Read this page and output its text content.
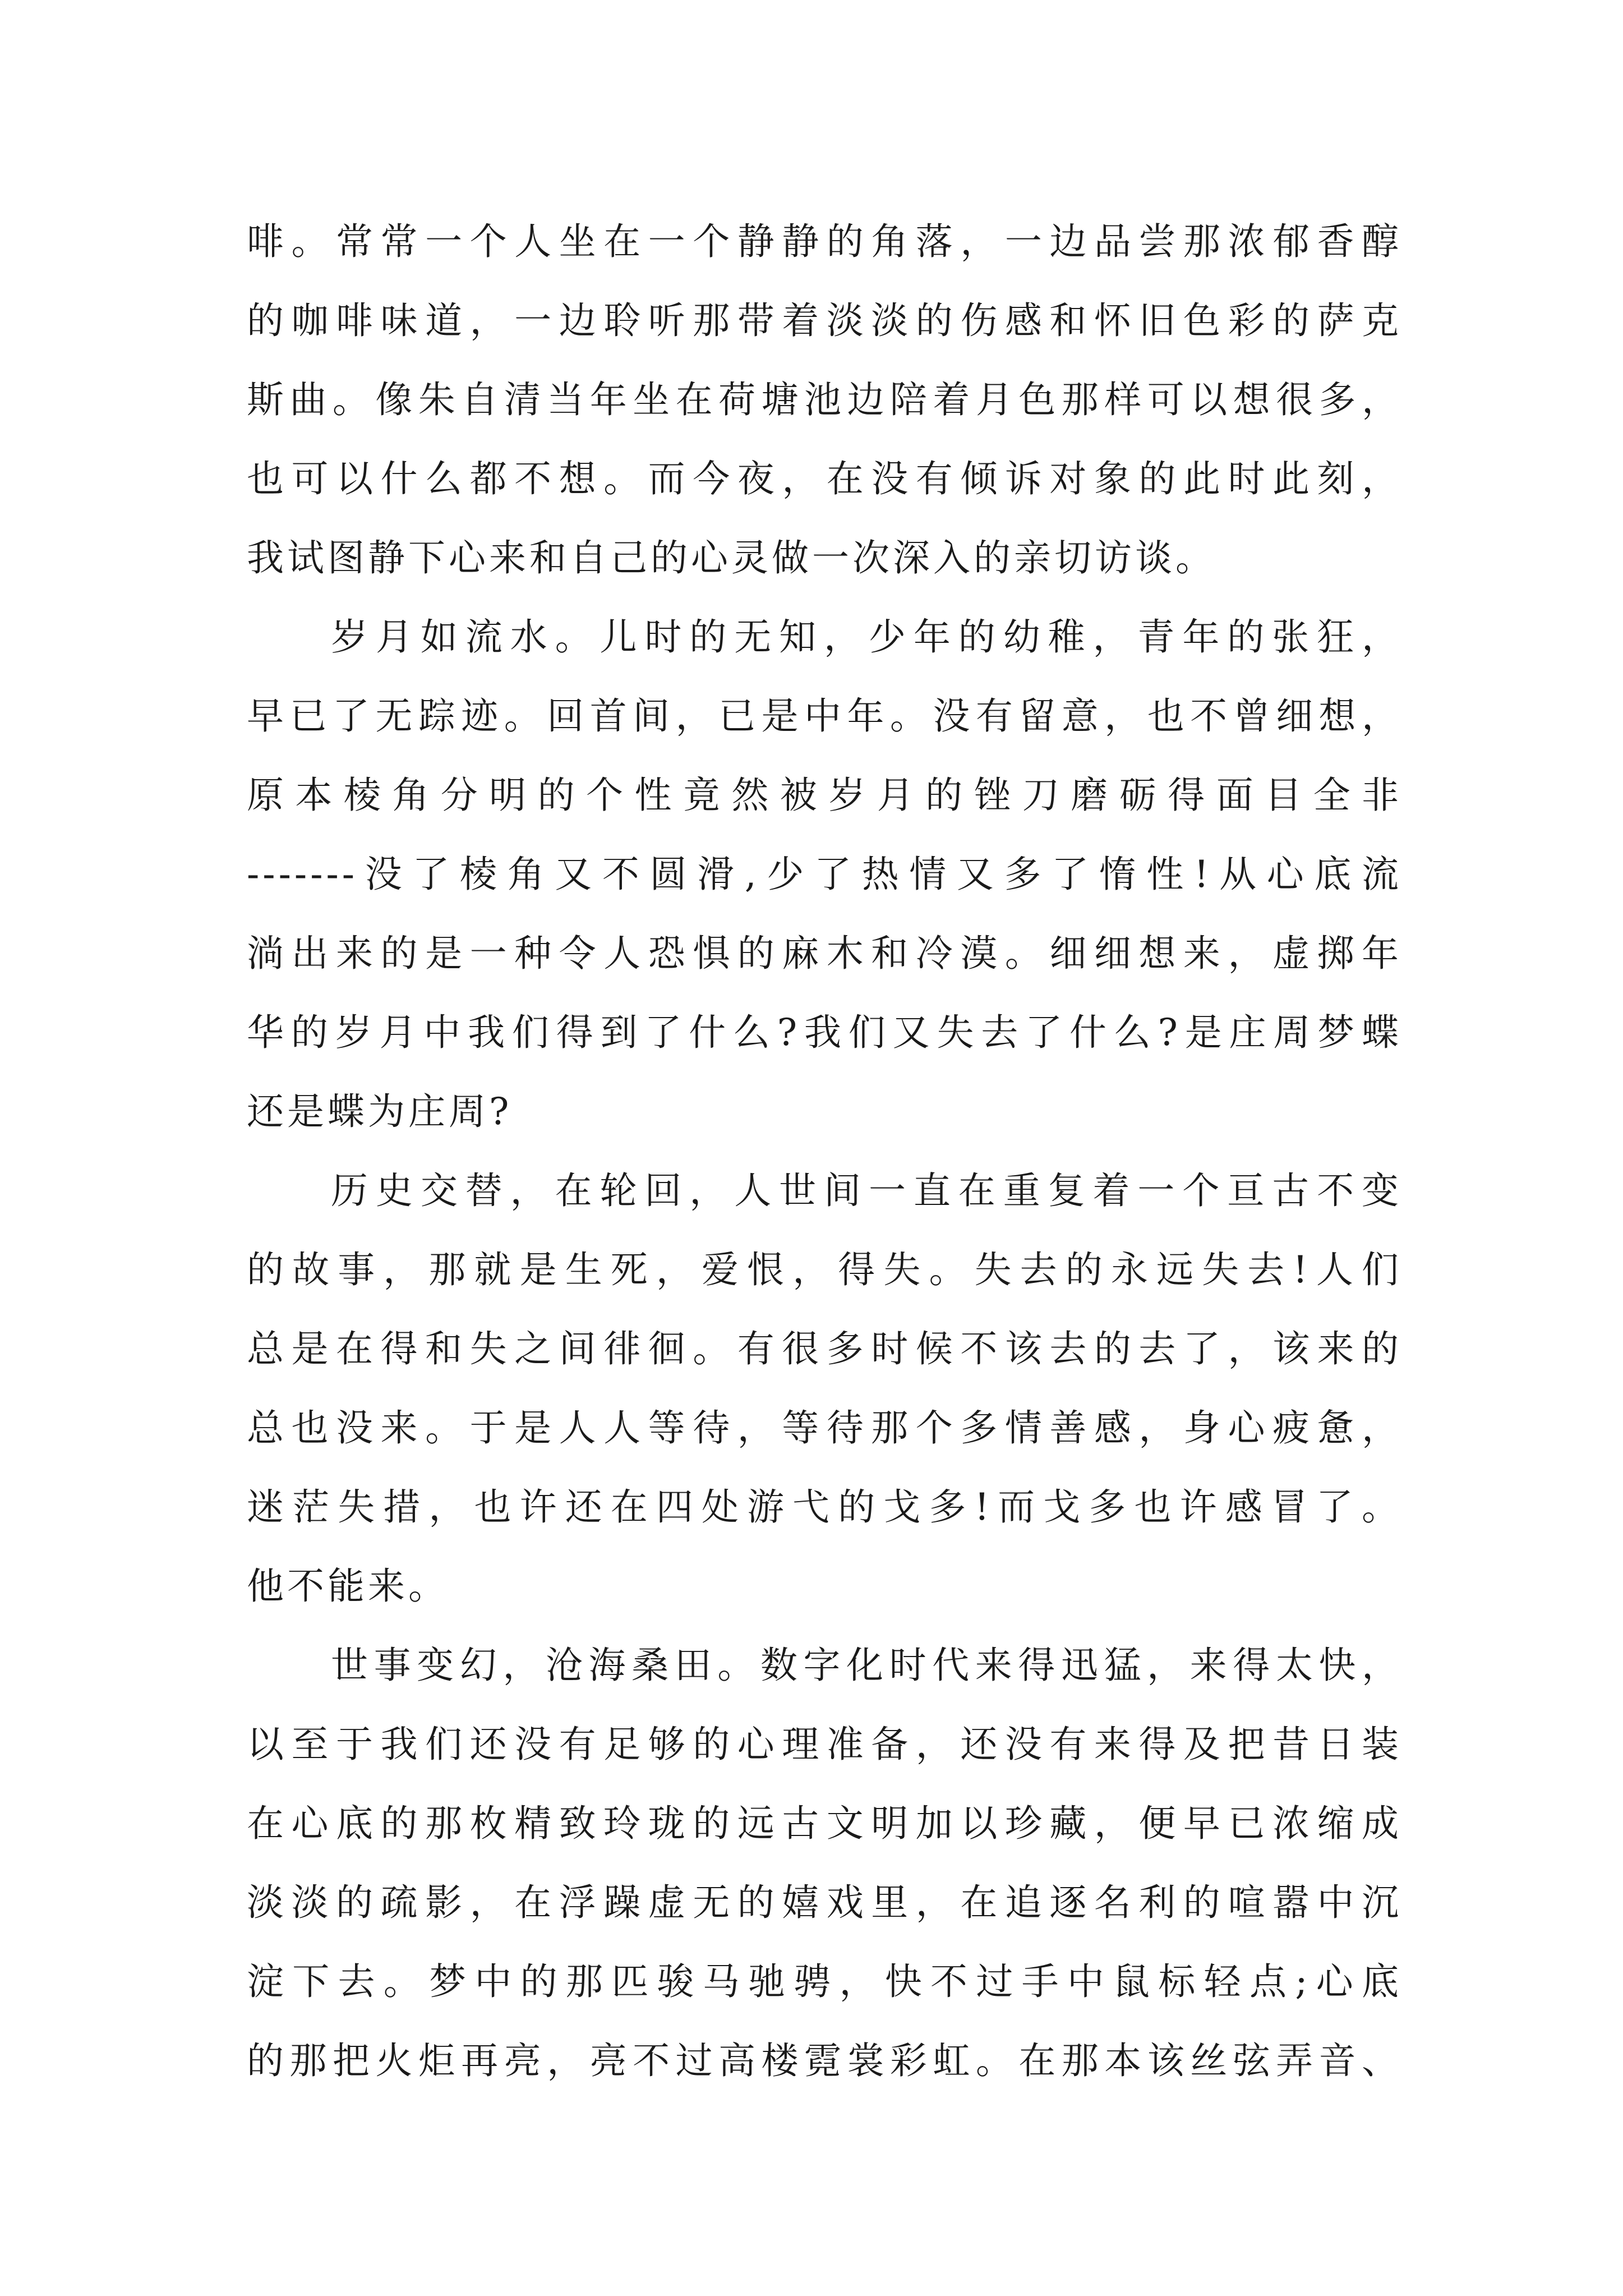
啡。常常一个人坐在一个静静的角落，一边品尝那浓郁香醇
的咖啡味道，一边聆听那带着淡淡的伤感和怀旧色彩的萨克
斯曲。像朱自清当年坐在荷塘池边陪着月色那样可以想很多，
也可以什么都不想。而今夜，在没有倾诉对象的此时此刻，
我试图静下心来和自己的心灵做一次深入的亲切访谈。
岁月如流水。儿时的无知，少年的幼稚，青年的张狂，
早已了无踪迹。回首间，已是中年。没有留意，也不曾细想，
原本棱角分明的个性竟然被岁月的锉刀磨砺得面目全非
-------没了棱角又不圆滑,少了热情又多了惰性!从心底流
淌出来的是一种令人恐惧的麻木和冷漠。细细想来，虚掷年
华的岁月中我们得到了什么?我们又失去了什么?是庄周梦蝶
还是蝶为庄周?
历史交替，在轮回，人世间一直在重复着一个亘古不变
的故事，那就是生死，爱恨，得失。失去的永远失去!人们
总是在得和失之间徘徊。有很多时候不该去的去了，该来的
总也没来。于是人人等待，等待那个多情善感，身心疲惫，
迷茫失措，也许还在四处游弋的戈多!而戈多也许感冒了。
他不能来。
世事变幻，沧海桑田。数字化时代来得迅猛，来得太快，
以至于我们还没有足够的心理准备，还没有来得及把昔日装
在心底的那枚精致玲珑的远古文明加以珍藏，便早已浓缩成
淡淡的疏影，在浮躁虚无的嬉戏里，在追逐名利的喧嚣中沉
淀下去。梦中的那匹骏马驰骋，快不过手中鼠标轻点;心底
的那把火炬再亮，亮不过高楼霓裳彩虹。在那本该丝弦弄音、
